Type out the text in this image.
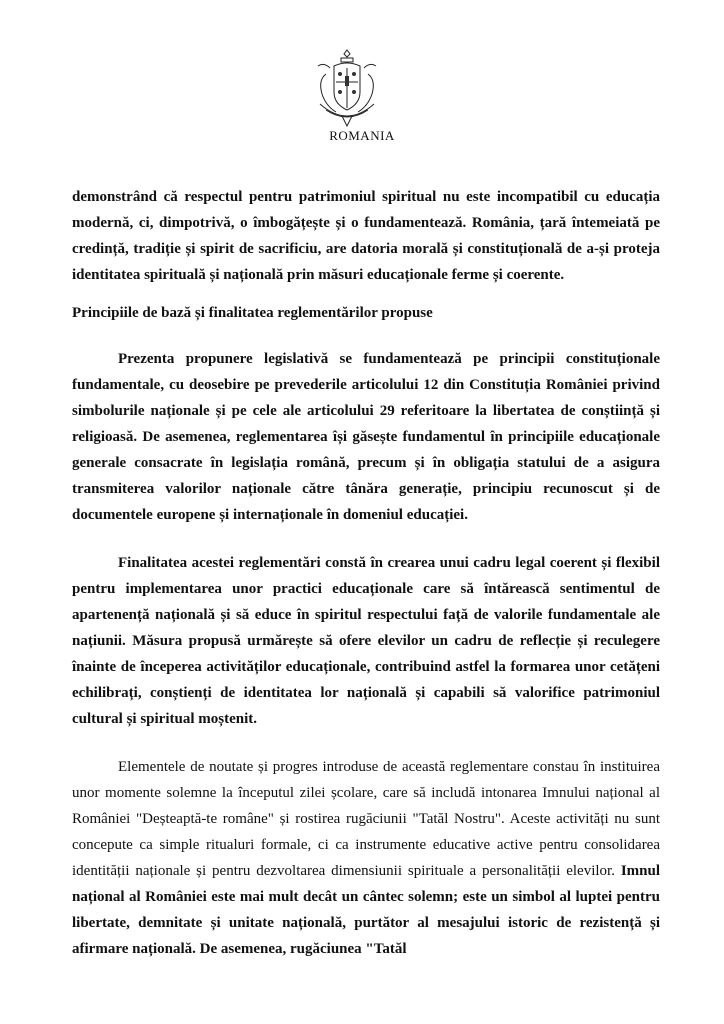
ROMANIA

demonstrând că respectul pentru patrimoniul spiritual nu este incompatibil cu educația modernă, ci, dimpotrivă, o îmbogățește și o fundamentează. România, țară întemeiată pe credință, tradiție și spirit de sacrificiu, are datoria morală și constituțională de a-și proteja identitatea spirituală și națională prin măsuri educaționale ferme și coerente.

Principiile de bază și finalitatea reglementărilor propuse

Prezenta propunere legislativă se fundamentează pe principii constituționale fundamentale, cu deosebire pe prevederile articolului 12 din Constituția României privind simbolurile naționale și pe cele ale articolului 29 referitoare la libertatea de conștiință și religioasă. De asemenea, reglementarea își găsește fundamentul în principiile educaționale generale consacrate în legislația română, precum și în obligația statului de a asigura transmiterea valorilor naționale către tânăra generație, principiu recunoscut și de documentele europene și internaționale în domeniul educației.

Finalitatea acestei reglementări constă în crearea unui cadru legal coerent și flexibil pentru implementarea unor practici educaționale care să întărească sentimentul de apartenență națională și să educe în spiritul respectului față de valorile fundamentale ale națiunii. Măsura propusă urmărește să ofere elevilor un cadru de reflecție și reculegere înainte de începerea activităților educaționale, contribuind astfel la formarea unor cetățeni echilibrați, conștienți de identitatea lor națională și capabili să valorifice patrimoniul cultural și spiritual moștenit.

Elementele de noutate și progres introduse de această reglementare constau în instituirea unor momente solemne la începutul zilei școlare, care să includă intonarea Imnului național al României "Deșteaptă-te române" și rostirea rugăciunii "Tatăl Nostru". Aceste activități nu sunt concepute ca simple ritualuri formale, ci ca instrumente educative active pentru consolidarea identității naționale și pentru dezvoltarea dimensiunii spirituale a personalității elevilor. Imnul național al României este mai mult decât un cântec solemn; este un simbol al luptei pentru libertate, demnitate și unitate națională, purtător al mesajului istoric de rezistență și afirmare națională. De asemenea, rugăciunea "Tatăl
